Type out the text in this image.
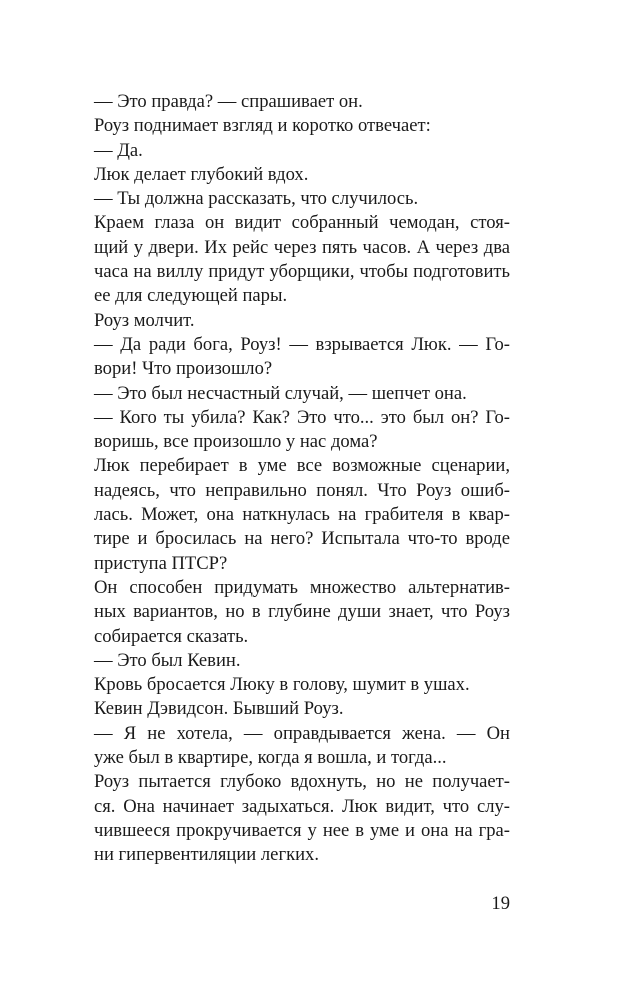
— Это правда? — спрашивает он.
Роуз поднимает взгляд и коротко отвечает:
— Да.
Люк делает глубокий вдох.
— Ты должна рассказать, что случилось.
Краем глаза он видит собранный чемодан, стоя-
щий у двери. Их рейс через пять часов. А через два
часа на виллу придут уборщики, чтобы подготовить
ее для следующей пары.
Роуз молчит.
— Да ради бога, Роуз! — взрывается Люк. — Го-
вори! Что произошло?
— Это был несчастный случай, — шепчет она.
— Кого ты убила? Как? Это что... это был он? Го-
воришь, все произошло у нас дома?
Люк перебирает в уме все возможные сценарии,
надеясь, что неправильно понял. Что Роуз ошиб-
лась. Может, она наткнулась на грабителя в квар-
тире и бросилась на него? Испытала что-то вроде
приступа ПТСР?
Он способен придумать множество альтернатив-
ных вариантов, но в глубине души знает, что Роуз
собирается сказать.
— Это был Кевин.
Кровь бросается Люку в голову, шумит в ушах.
Кевин Дэвидсон. Бывший Роуз.
— Я не хотела, — оправдывается жена. — Он
уже был в квартире, когда я вошла, и тогда...
Роуз пытается глубоко вдохнуть, но не получает-
ся. Она начинает задыхаться. Люк видит, что слу-
чившееся прокручивается у нее в уме и она на гра-
ни гипервентиляции легких.
19
